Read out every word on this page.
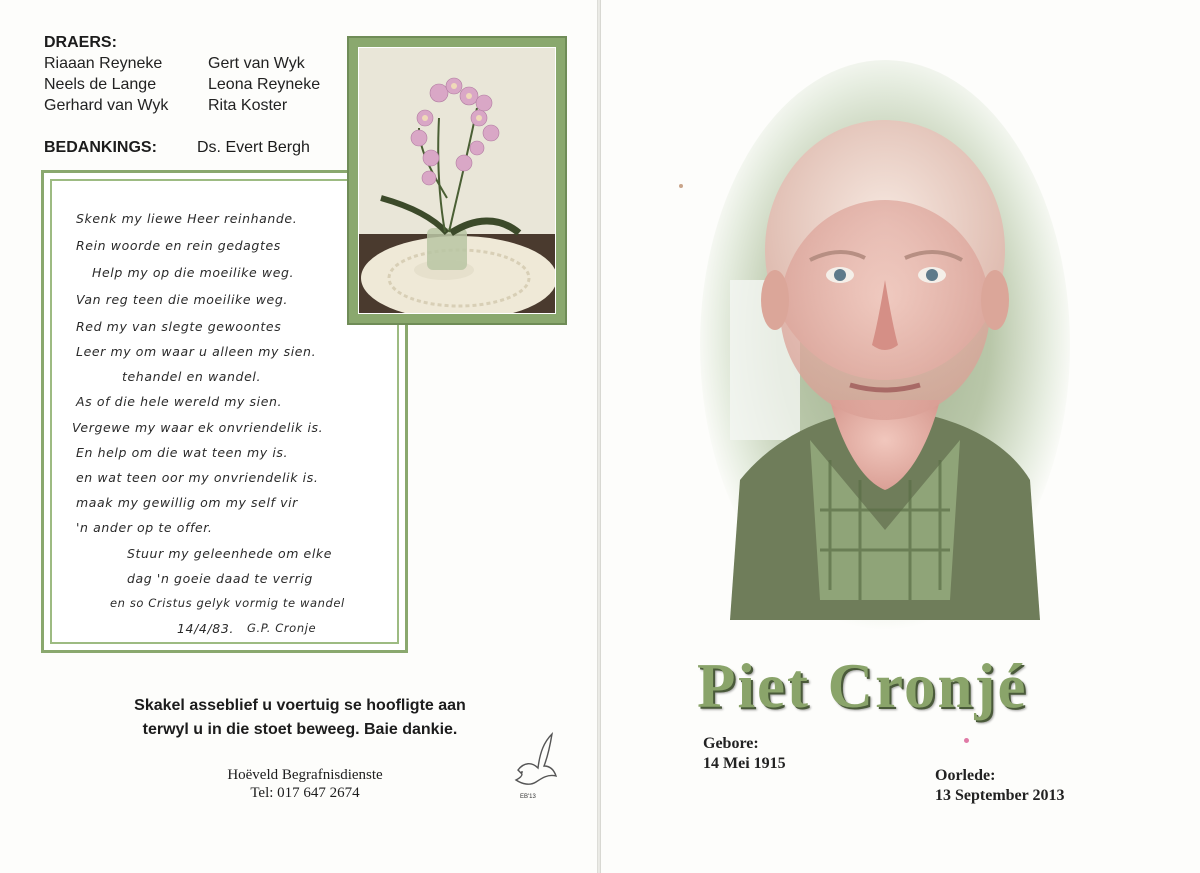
DRAERS:
Riaaan Reyneke
Neels de Lange
Gerhard van Wyk
Gert van Wyk
Leona Reyneke
Rita Koster
BEDANKINGS:	Ds. Evert Bergh
Skenk my liewe Heer reinhande.
Rein woorde en rein gedagtes
Help my op die moeilike weg.
Van reg teen die moeilike weg.
Red my van slegte gewoontes
Leer my om waar u alleen my sien.
tehandel en wandel.
As of die hele wereld my sien.
Vergewe my waar ek onvriendelik is.
En help om die wat teen my is.
en wat teen oor my onvriendelik is.
maak my gewillig om my self vir
'n ander op te offer.
Stuur my geleenhede om elke
dag 'n goeie daad te verrig
en so Cristus gelyk vormig te wandel
14/4/83. G.P. Cronje
Skakel asseblief u voertuig se hoofligte aan
terwyl u in die stoet beweeg. Baie dankie.
Hoëveld Begrafnisdienste
Tel: 017 647 2674	EB'13
Piet Cronjé
Gebore:
14 Mei 1915
Oorlede:
13 September 2013
